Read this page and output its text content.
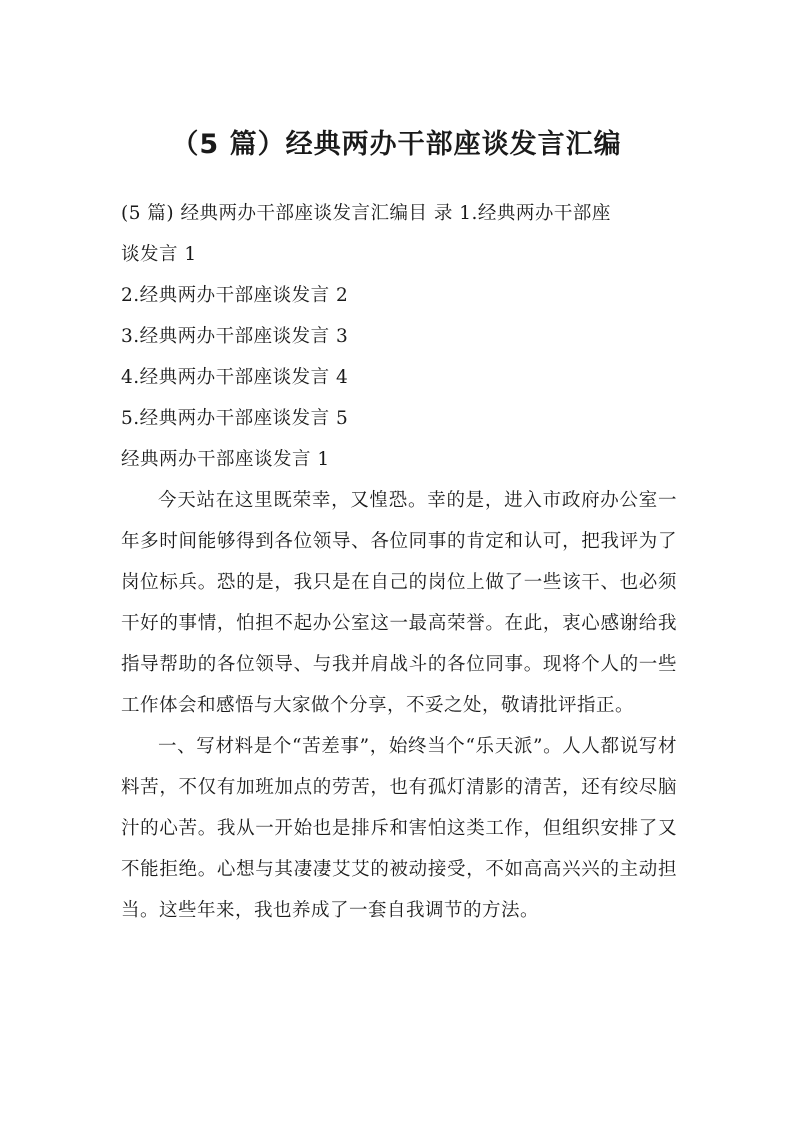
（5 篇）经典两办干部座谈发言汇编

(5 篇) 经典两办干部座谈发言汇编目 录 1.经典两办干部座

谈发言 1

2.经典两办干部座谈发言 2

3.经典两办干部座谈发言 3

4.经典两办干部座谈发言 4

5.经典两办干部座谈发言 5

经典两办干部座谈发言 1

今天站在这里既荣幸，又惶恐。幸的是，进入市政府办公室一年多时间能够得到各位领导、各位同事的肯定和认可，把我评为了岗位标兵。恐的是，我只是在自己的岗位上做了一些该干、也必须干好的事情，怕担不起办公室这一最高荣誉。在此，衷心感谢给我指导帮助的各位领导、与我并肩战斗的各位同事。现将个人的一些工作体会和感悟与大家做个分享，不妥之处，敬请批评指正。

一、写材料是个“苦差事”，始终当个“乐天派”。人人都说写材料苦，不仅有加班加点的劳苦，也有孤灯清影的清苦，还有绞尽脑汁的心苦。我从一开始也是排斥和害怕这类工作，但组织安排了又不能拒绝。心想与其凄凄艾艾的被动接受，不如高高兴兴的主动担当。这些年来，我也养成了一套自我调节的方法。
